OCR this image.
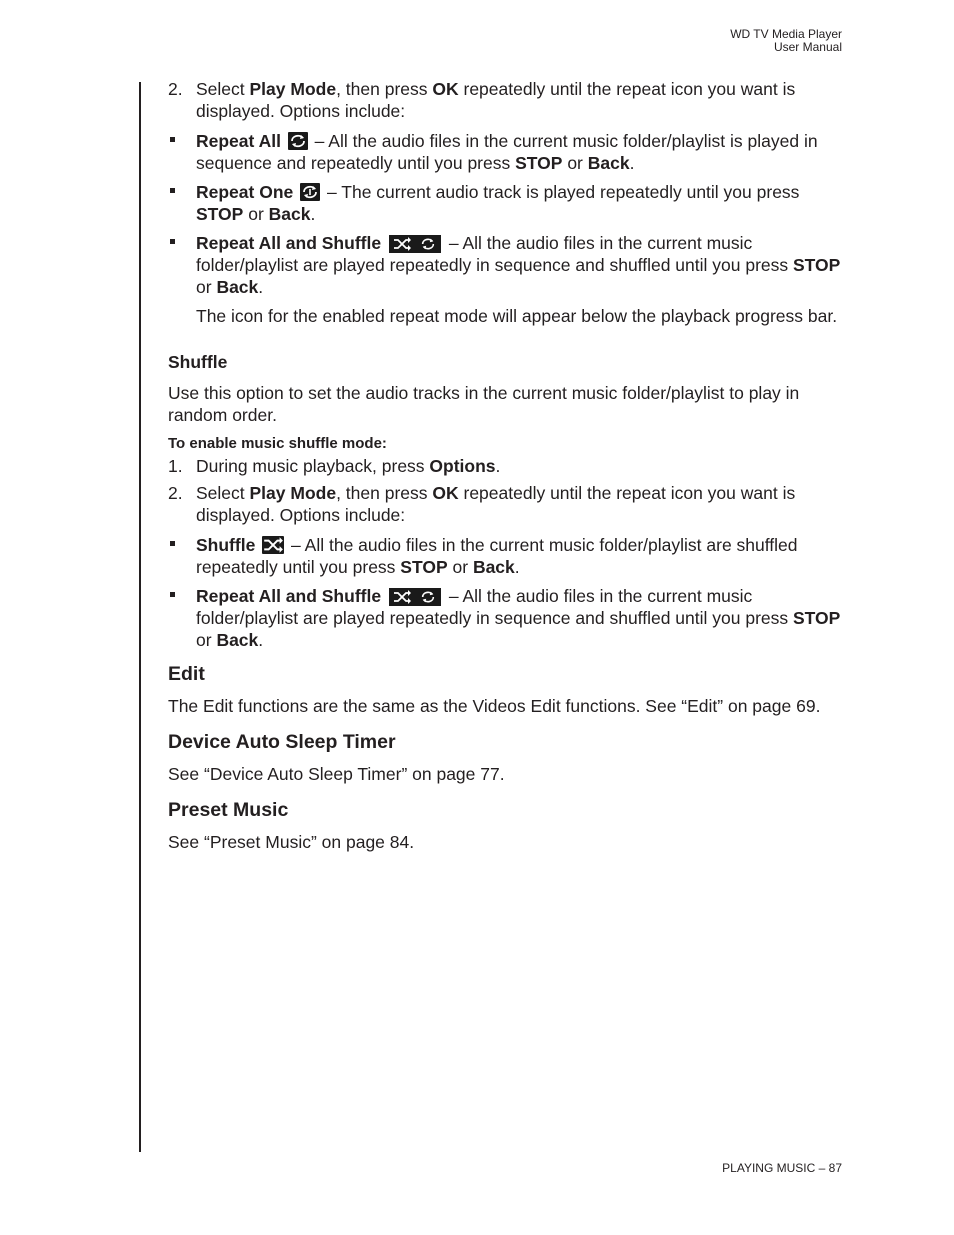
WD TV Media Player
User Manual
2. Select Play Mode, then press OK repeatedly until the repeat icon you want is displayed. Options include:
Repeat All
– All the audio files in the current music folder/playlist is played in sequence and repeatedly until you press STOP or Back.
Repeat One
– The current audio track is played repeatedly until you press STOP or Back.
Repeat All and Shuffle	– All the audio files in the current music folder/playlist are played repeatedly in sequence and shuffled until you press STOP or Back.

The icon for the enabled repeat mode will appear below the playback progress bar.

Shuffle

Use this option to set the audio tracks in the current music folder/playlist to play in random order.

To enable music shuffle mode:
1. During music playback, press Options.
2. Select Play Mode, then press OK repeatedly until the repeat icon you want is displayed. Options include:
Shuffle
– All the audio files in the current music folder/playlist are shuffled repeatedly until you press STOP or Back.
Repeat All and Shuffle	– All the audio files in the current music folder/playlist are played repeatedly in sequence and shuffled until you press STOP or Back.
Edit

The Edit functions are the same as the Videos Edit functions. See “Edit” on page 69.

Device Auto Sleep Timer

See “Device Auto Sleep Timer” on page 77.

Preset Music

See “Preset Music” on page 84.

PLAYING MUSIC – 87
